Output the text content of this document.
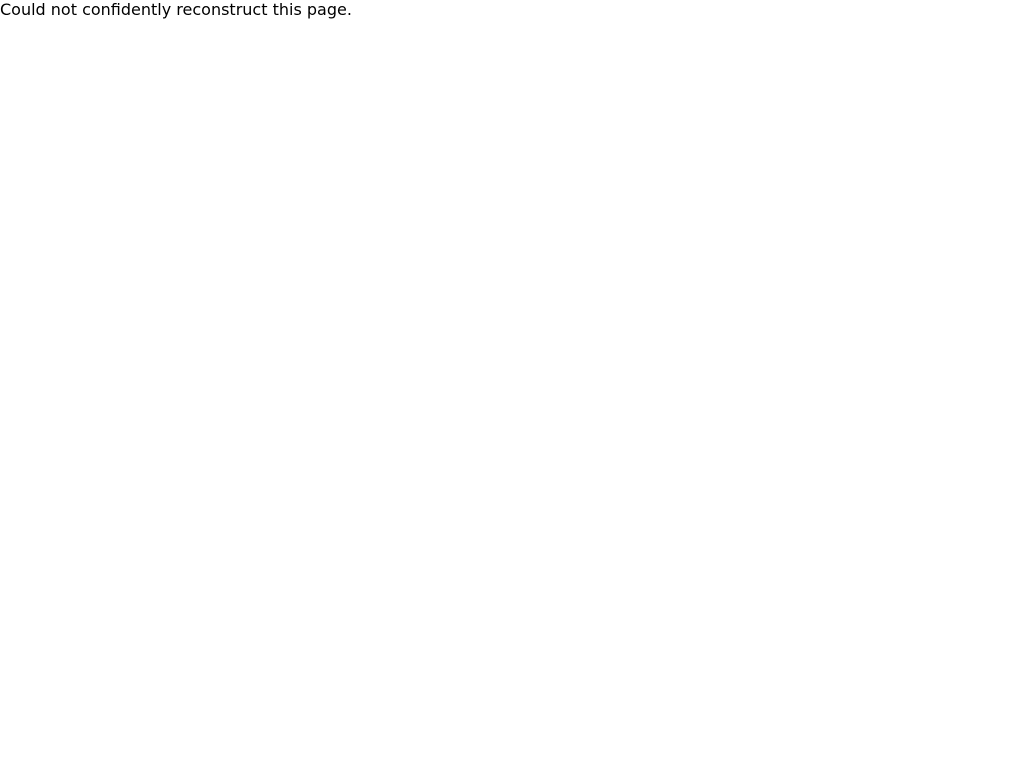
Could not confidently reconstruct this page.
